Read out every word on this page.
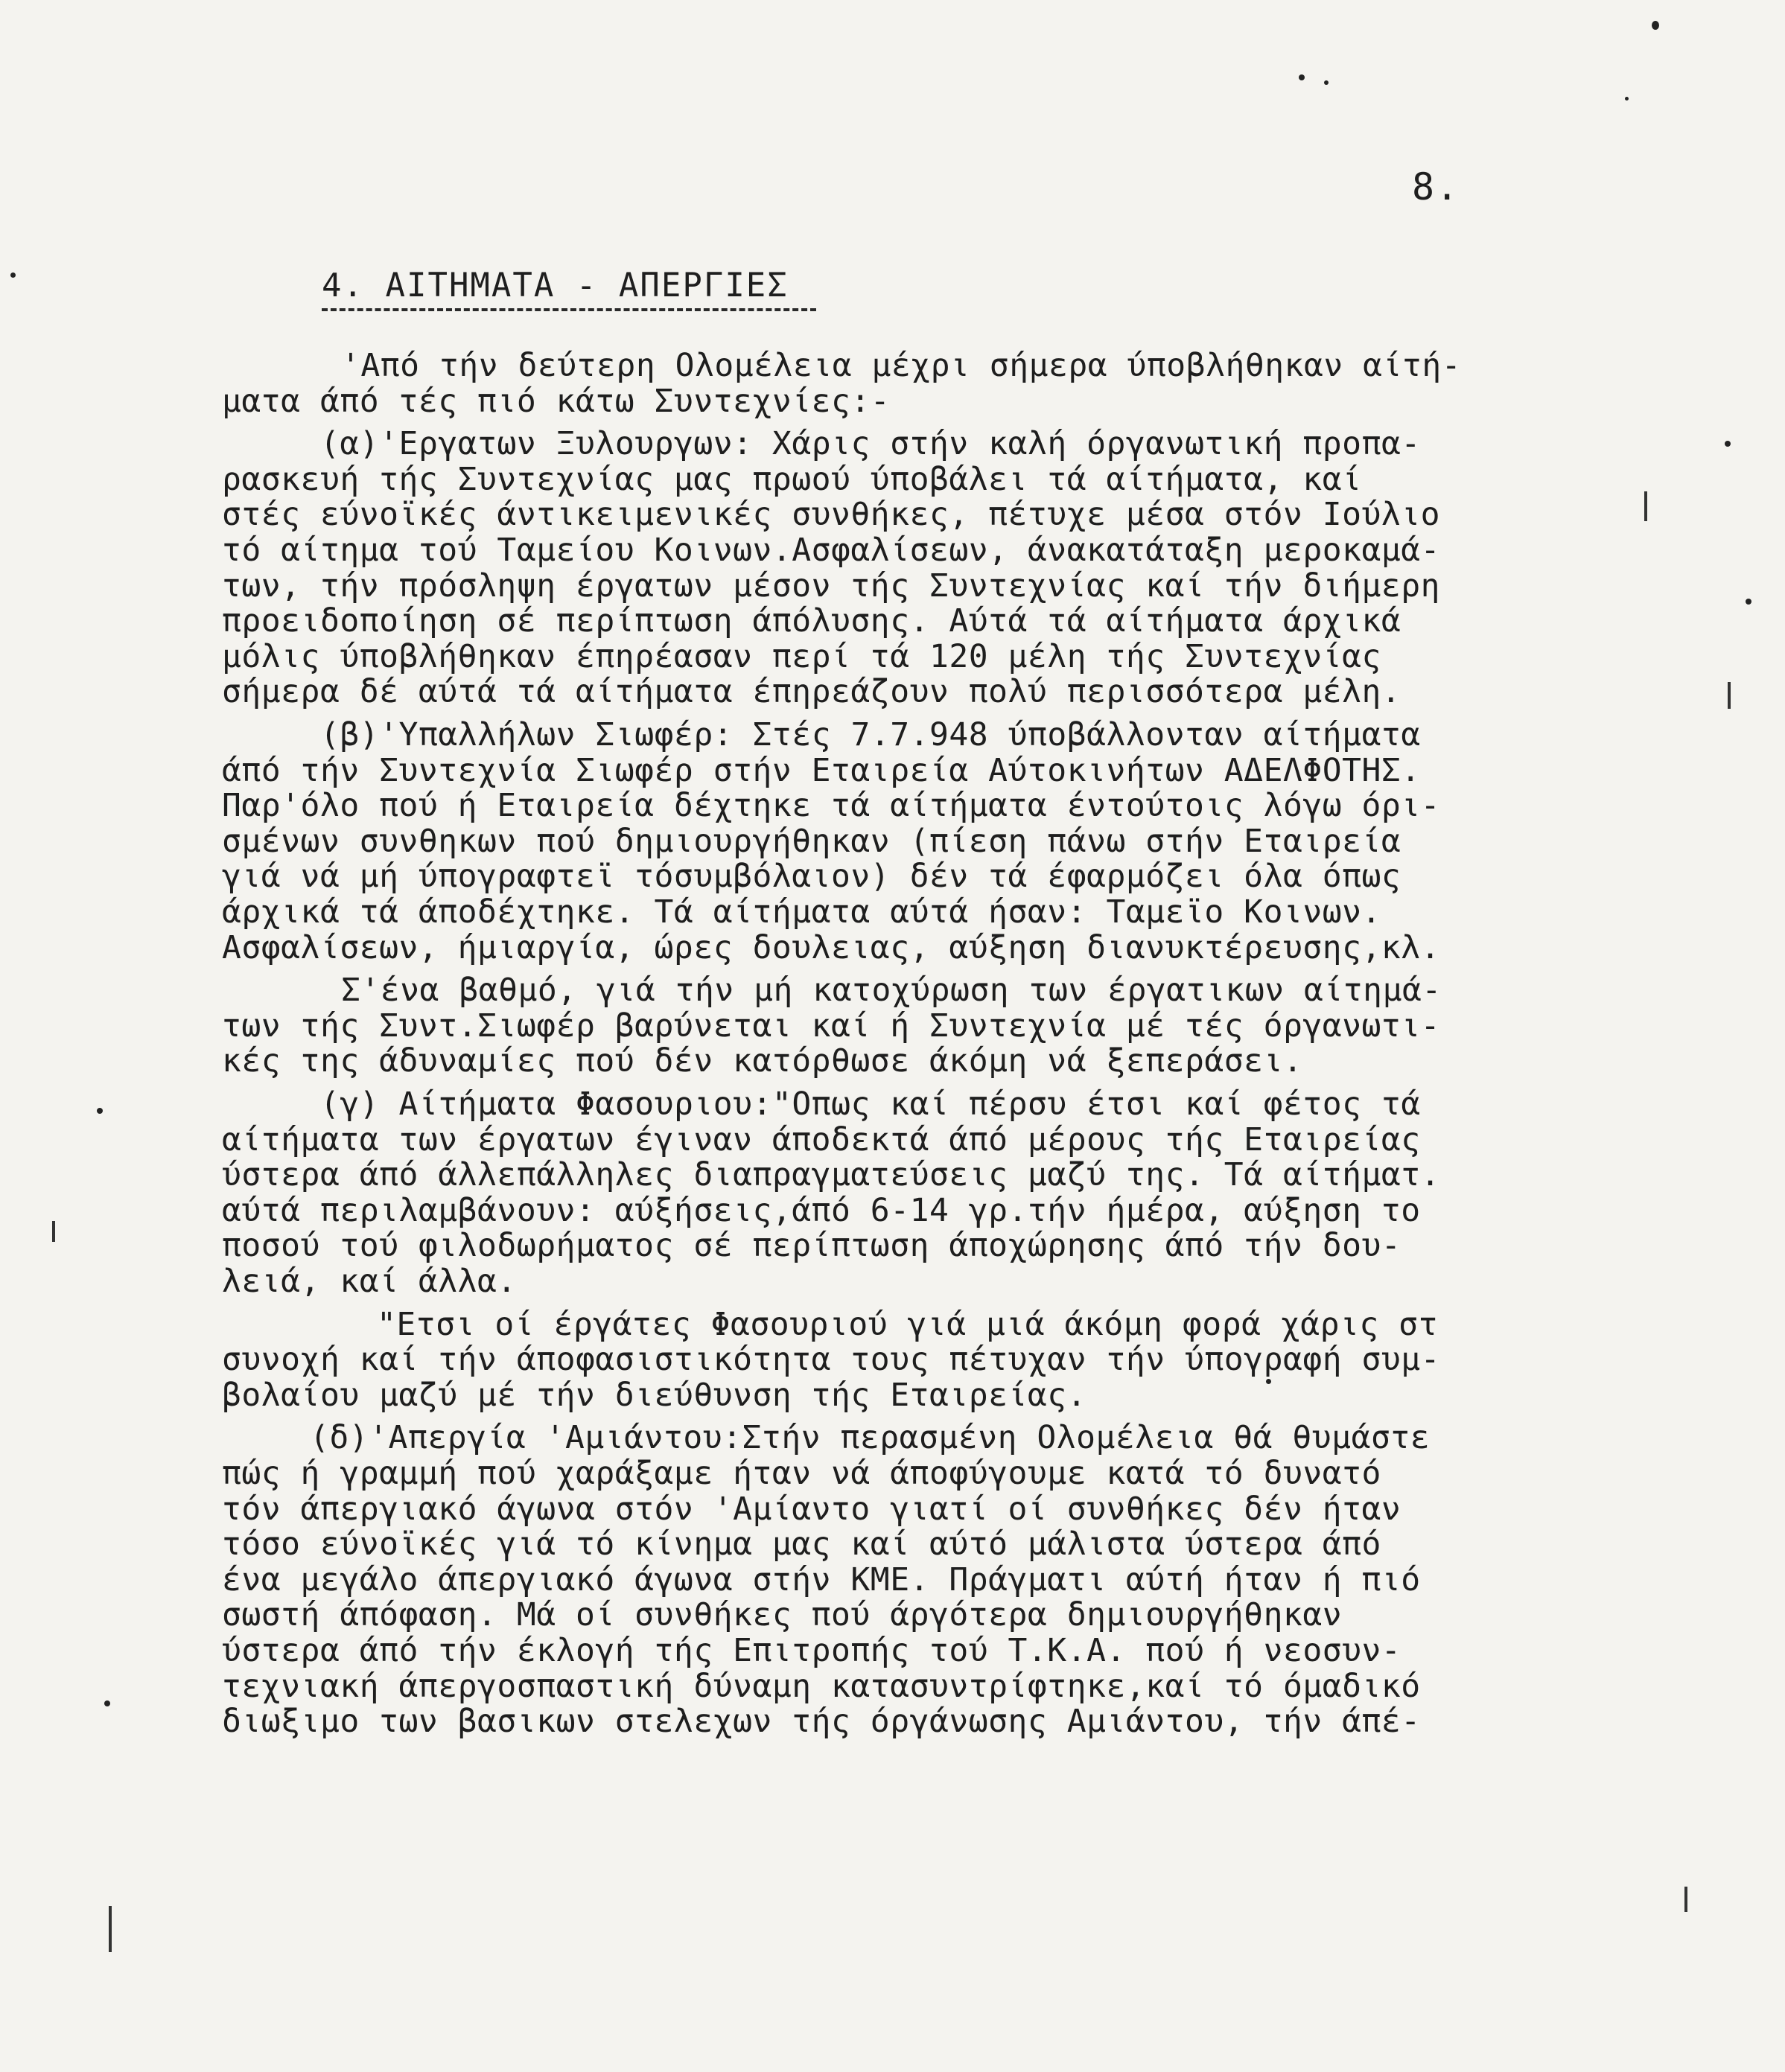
8.
4. ΑΙΤΗΜΑΤΑ - ΑΠΕΡΓΙΕΣ
'Από τήν δεύτερη Ολομέλεια μέχρι σήμερα ύποβλήθηκαν αίτή-
ματα άπό τές πιό κάτω Συντεχνίες:-
(α)'Εργατων Ξυλουργων: Χάρις στήν καλή όργανωτική προπα-
ρασκευή τής Συντεχνίας μας πρωού ύποβάλει τά αίτήματα, καί
στές εύνοϊκές άντικειμενικές συνθήκες, πέτυχε μέσα στόν Ιούλιο
τό αίτημα τού Ταμείου Κοινων.Ασφαλίσεων, άνακατάταξη μεροκαμά-
των, τήν πρόσληψη έργατων μέσον τής Συντεχνίας καί τήν διήμερη
προειδοποίηση σέ περίπτωση άπόλυσης. Αύτά τά αίτήματα άρχικά
μόλις ύποβλήθηκαν έπηρέασαν περί τά 120 μέλη τής Συντεχνίας
σήμερα δέ αύτά τά αίτήματα έπηρεάζουν πολύ περισσότερα μέλη.
(β)'Υπαλλήλων Σιωφέρ: Στές 7.7.948 ύποβάλλονταν αίτήματα
άπό τήν Συντεχνία Σιωφέρ στήν Εταιρεία Αύτοκινήτων ΑΔΕΛΦΟΤΗΣ.
Παρ'όλο πού ή Εταιρεία δέχτηκε τά αίτήματα έντούτοις λόγω όρι-
σμένων συνθηκων πού δημιουργήθηκαν (πίεση πάνω στήν Εταιρεία
γιά νά μή ύπογραφτεϊ τόσυμβόλαιον) δέν τά έφαρμόζει όλα όπως
άρχικά τά άποδέχτηκε. Τά αίτήματα αύτά ήσαν: Ταμεϊο Κοινων.
Ασφαλίσεων, ήμιαργία, ώρες δουλειας, αύξηση διανυκτέρευσης,κλ.
Σ'ένα βαθμό, γιά τήν μή κατοχύρωση των έργατικων αίτημά-
των τής Συντ.Σιωφέρ βαρύνεται καί ή Συντεχνία μέ τές όργανωτι-
κές της άδυναμίες πού δέν κατόρθωσε άκόμη νά ξεπεράσει.
(γ) Αίτήματα Φασουριου:"Οπως καί πέρσυ έτσι καί φέτος τά
αίτήματα των έργατων έγιναν άποδεκτά άπό μέρους τής Εταιρείας
ύστερα άπό άλλεπάλληλες διαπραγματεύσεις μαζύ της. Τά αίτήματ.
αύτά περιλαμβάνουν: αύξήσεις,άπό 6-14 γρ.τήν ήμέρα, αύξηση το
ποσού τού φιλοδωρήματος σέ περίπτωση άποχώρησης άπό τήν δου-
λειά, καί άλλα.
"Ετσι οί έργάτες Φασουριού γιά μιά άκόμη φορά χάρις στ
συνοχή καί τήν άποφασιστικότητα τους πέτυχαν τήν ύπογραφή συμ-
βολαίου μαζύ μέ τήν διεύθυνση τής Εταιρείας.
(δ)'Απεργία 'Αμιάντου:Στήν περασμένη Ολομέλεια θά θυμάστε
πώς ή γραμμή πού χαράξαμε ήταν νά άποφύγουμε κατά τό δυνατό
τόν άπεργιακό άγωνα στόν 'Αμίαντο γιατί οί συνθήκες δέν ήταν
τόσο εύνοϊκές γιά τό κίνημα μας καί αύτό μάλιστα ύστερα άπό
ένα μεγάλο άπεργιακό άγωνα στήν ΚΜΕ. Πράγματι αύτή ήταν ή πιό
σωστή άπόφαση. Μά οί συνθήκες πού άργότερα δημιουργήθηκαν
ύστερα άπό τήν έκλογή τής Επιτροπής τού Τ.Κ.Α. πού ή νεοσυν-
τεχνιακή άπεργοσπαστική δύναμη κατασυντρίφτηκε,καί τό όμαδικό
διωξιμο των βασικων στελεχων τής όργάνωσης Αμιάντου, τήν άπέ-
